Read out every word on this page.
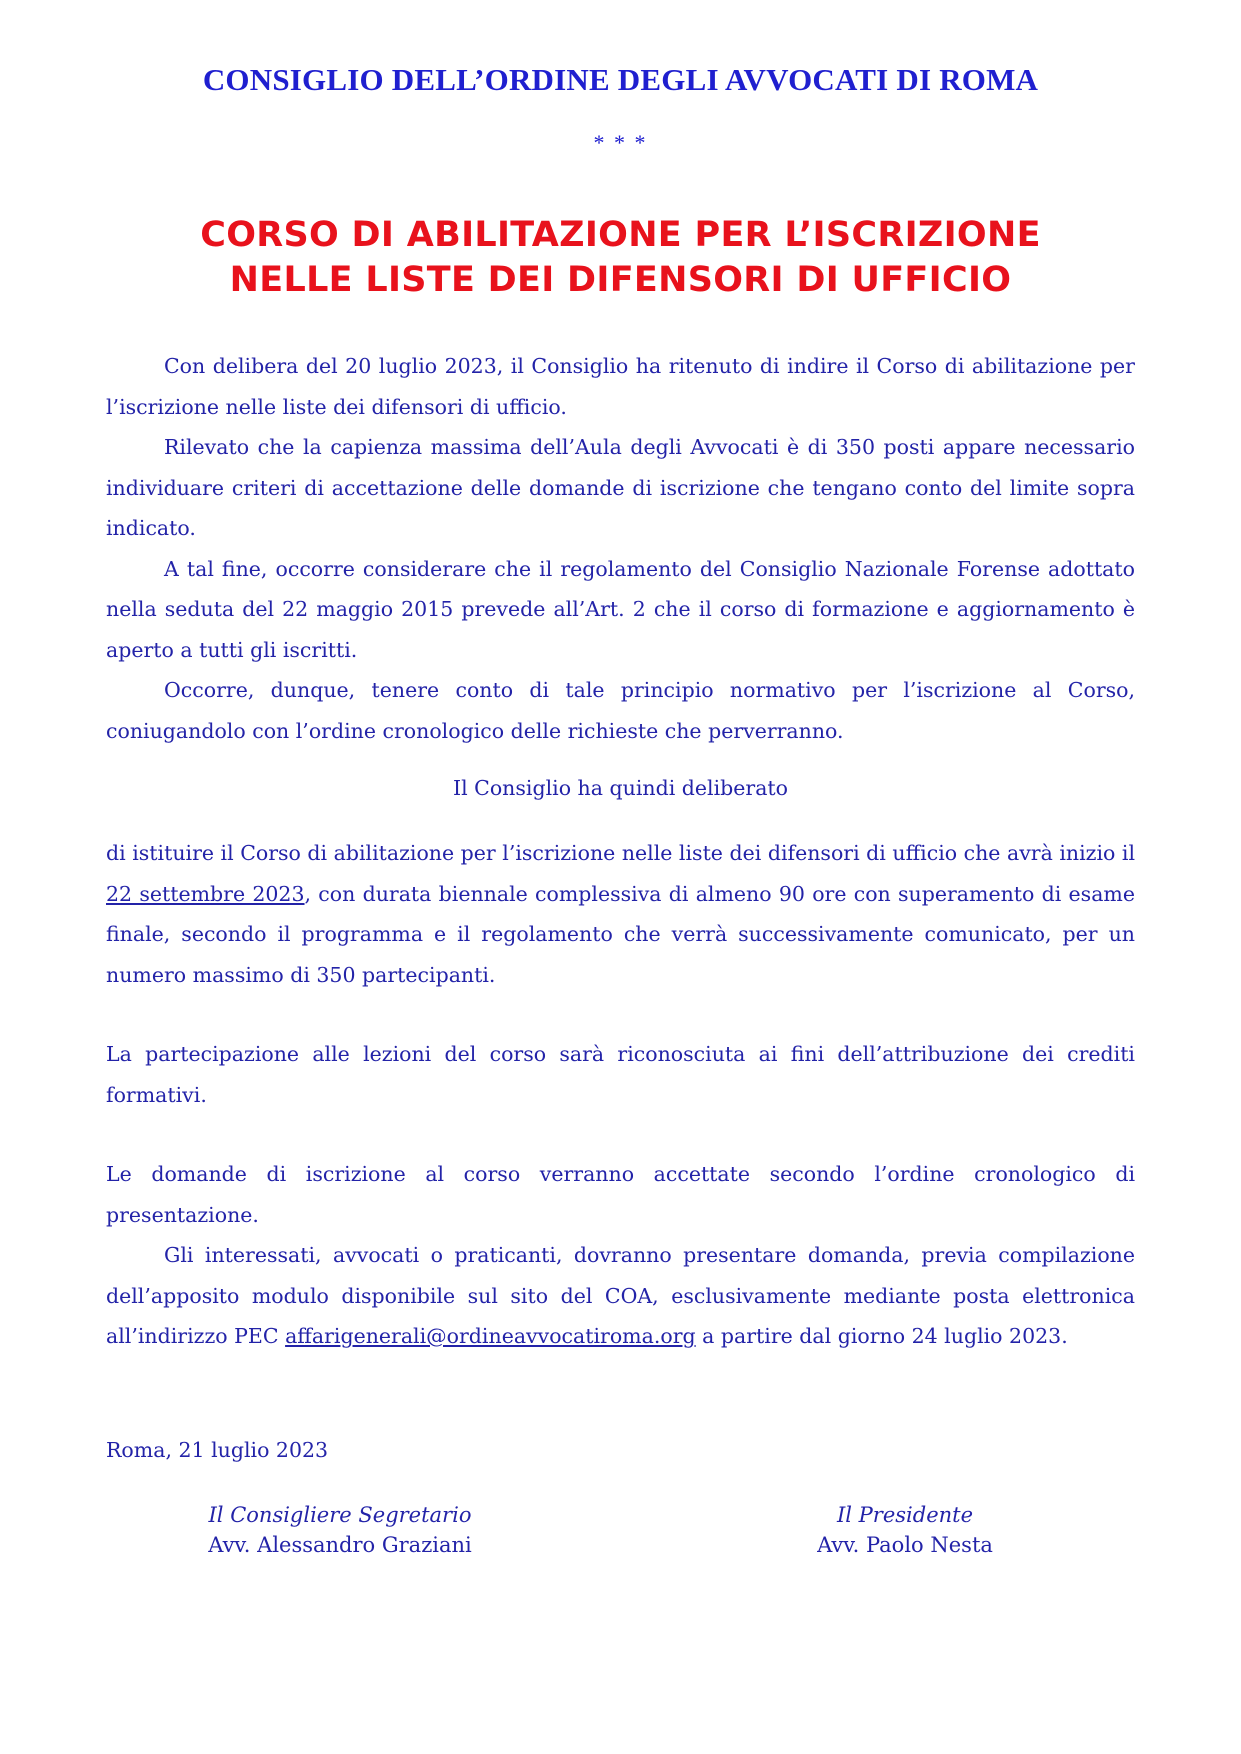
CONSIGLIO DELL’ORDINE DEGLI AVVOCATI DI ROMA
* * *
CORSO DI ABILITAZIONE PER L’ISCRIZIONE
NELLE LISTE DEI DIFENSORI DI UFFICIO

Con delibera del 20 luglio 2023, il Consiglio ha ritenuto di indire il Corso di abilitazione per l’iscrizione nelle liste dei difensori di ufficio.

Rilevato che la capienza massima dell’Aula degli Avvocati è di 350 posti appare necessario individuare criteri di accettazione delle domande di iscrizione che tengano conto del limite sopra indicato.

A tal fine, occorre considerare che il regolamento del Consiglio Nazionale Forense adottato nella seduta del 22 maggio 2015 prevede all’Art. 2 che il corso di formazione e aggiornamento è aperto a tutti gli iscritti.

Occorre, dunque, tenere conto di tale principio normativo per l’iscrizione al Corso, coniugandolo con l’ordine cronologico delle richieste che perverranno.

Il Consiglio ha quindi deliberato

di istituire il Corso di abilitazione per l’iscrizione nelle liste dei difensori di ufficio che avrà inizio il 22 settembre 2023, con durata biennale complessiva di almeno 90 ore con superamento di esame finale, secondo il programma e il regolamento che verrà successivamente comunicato, per un numero massimo di 350 partecipanti.

La partecipazione alle lezioni del corso sarà riconosciuta ai fini dell’attribuzione dei crediti formativi.

Le domande di iscrizione al corso verranno accettate secondo l’ordine cronologico di presentazione.

Gli interessati, avvocati o praticanti, dovranno presentare domanda, previa compilazione dell’apposito modulo disponibile sul sito del COA, esclusivamente mediante posta elettronica all’indirizzo PEC affarigenerali@ordineavvocatiroma.org a partire dal giorno 24 luglio 2023.

Roma, 21 luglio 2023
Il Consigliere Segretario
Avv. Alessandro Graziani
Il Presidente
Avv. Paolo Nesta
